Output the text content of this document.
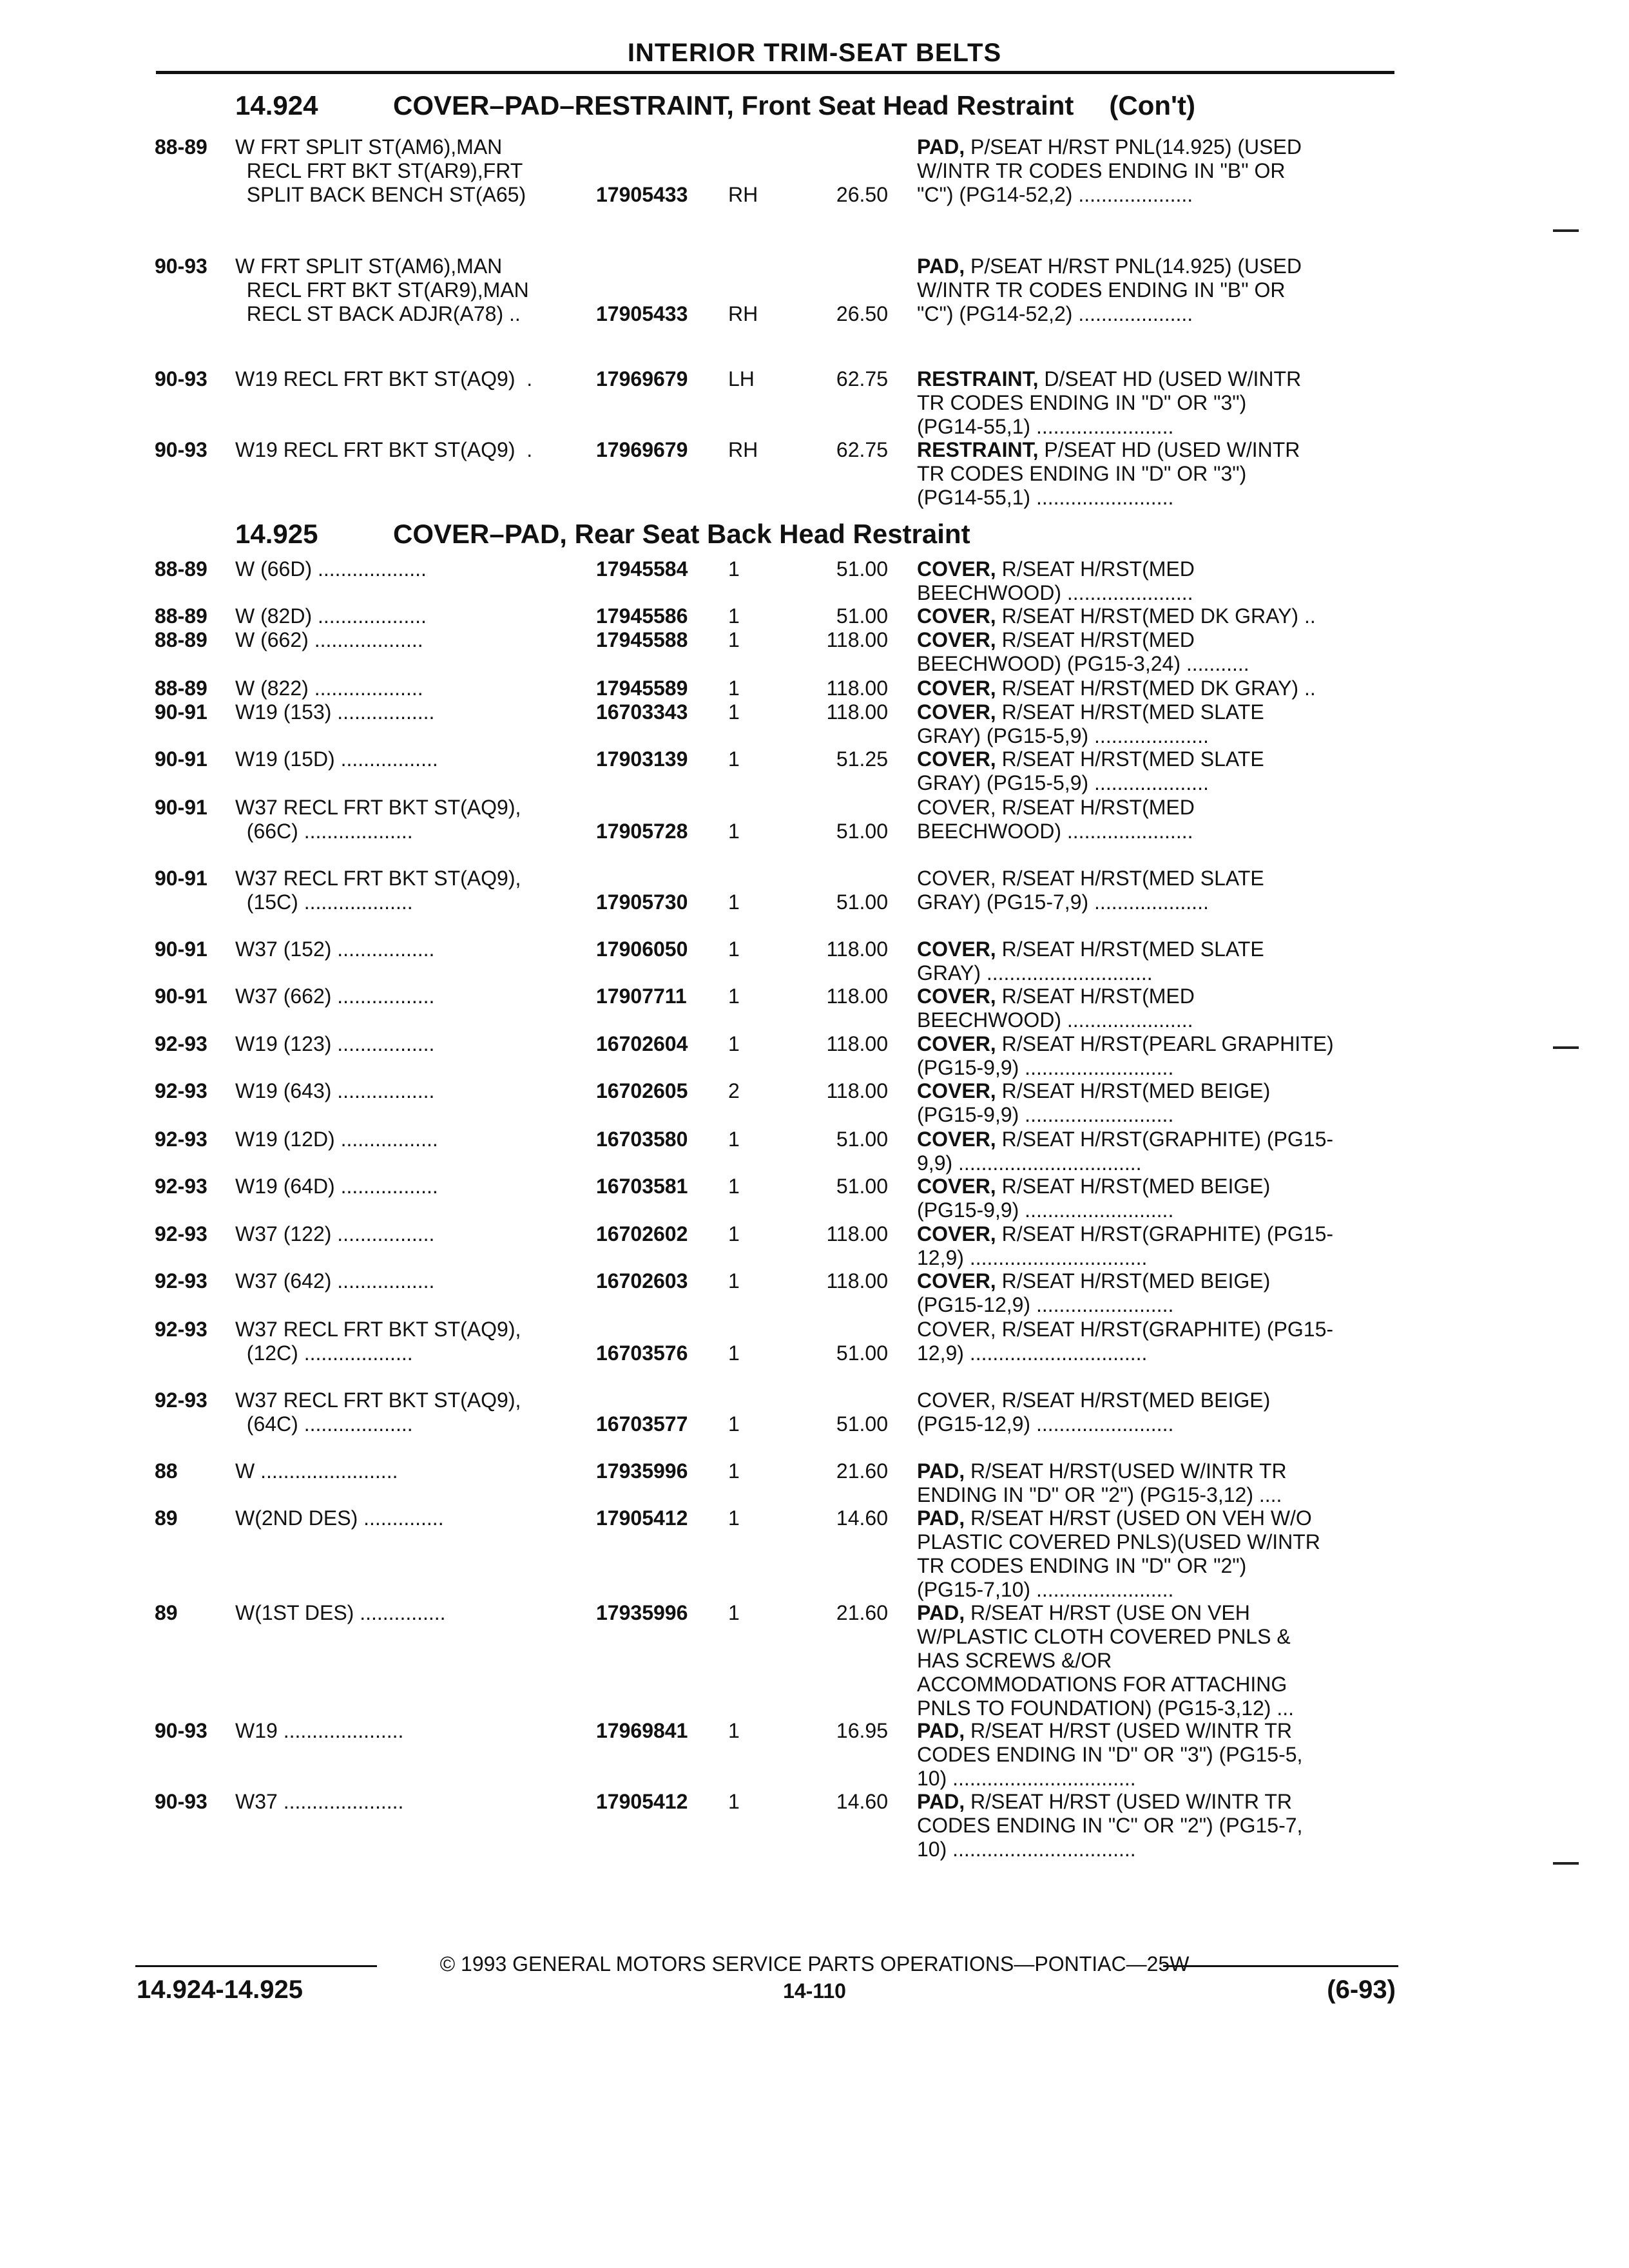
INTERIOR TRIM-SEAT BELTS
14.924	COVER–PAD–RESTRAINT, Front Seat Head Restraint (Con't)
88-89 W FRT SPLIT ST(AM6),MAN
RECL FRT BKT ST(AR9),FRT
SPLIT BACK BENCH ST(A65)	17905433 RH	26.50
PAD, P/SEAT H/RST PNL(14.925) (USED
W/INTR TR CODES ENDING IN "B" OR
"C") (PG14-52,2) ....................
90-93 W FRT SPLIT ST(AM6),MAN
RECL FRT BKT ST(AR9),MAN
RECL ST BACK ADJR(A78) ..	17905433 RH	26.50
PAD, P/SEAT H/RST PNL(14.925) (USED
W/INTR TR CODES ENDING IN "B" OR
"C") (PG14-52,2) ....................
90-93 W19 RECL FRT BKT ST(AQ9)  .	17969679 LH	62.75 RESTRAINT, D/SEAT HD (USED W/INTR
TR CODES ENDING IN "D" OR "3")
(PG14-55,1) ........................
90-93 W19 RECL FRT BKT ST(AQ9)  .	17969679 RH	62.75 RESTRAINT, P/SEAT HD (USED W/INTR
TR CODES ENDING IN "D" OR "3")
(PG14-55,1) ........................
14.925	COVER–PAD, Rear Seat Back Head Restraint
88-89 W (66D) ...................	17945584 1	51.00 COVER, R/SEAT H/RST(MED
BEECHWOOD) ......................
88-89 W (82D) ...................	17945586 1	51.00 COVER, R/SEAT H/RST(MED DK GRAY) ..
88-89 W (662) ...................	17945588 1	118.00 COVER, R/SEAT H/RST(MED
BEECHWOOD) (PG15-3,24) ...........
88-89 W (822) ...................	17945589 1	118.00 COVER, R/SEAT H/RST(MED DK GRAY) ..
90-91 W19 (153) .................	16703343 1	118.00 COVER, R/SEAT H/RST(MED SLATE
GRAY) (PG15-5,9) ....................
90-91 W19 (15D) .................	17903139 1	51.25 COVER, R/SEAT H/RST(MED SLATE
GRAY) (PG15-5,9) ....................
90-91 W37 RECL FRT BKT ST(AQ9),
(66C) ...................	17905728 1	51.00
COVER, R/SEAT H/RST(MED
BEECHWOOD) ......................
90-91 W37 RECL FRT BKT ST(AQ9),
(15C) ...................	17905730 1	51.00
COVER, R/SEAT H/RST(MED SLATE
GRAY) (PG15-7,9) ....................
90-91 W37 (152) .................	17906050 1	118.00 COVER, R/SEAT H/RST(MED SLATE
GRAY) .............................
90-91 W37 (662) .................	17907711 1	118.00 COVER, R/SEAT H/RST(MED
BEECHWOOD) ......................
92-93 W19 (123) .................	16702604 1	118.00 COVER, R/SEAT H/RST(PEARL GRAPHITE)
(PG15-9,9) ..........................
92-93 W19 (643) .................	16702605 2	118.00 COVER, R/SEAT H/RST(MED BEIGE)
(PG15-9,9) ..........................
92-93 W19 (12D) .................	16703580 1	51.00 COVER, R/SEAT H/RST(GRAPHITE) (PG15-
9,9) ................................
92-93 W19 (64D) .................	16703581 1	51.00 COVER, R/SEAT H/RST(MED BEIGE)
(PG15-9,9) ..........................
92-93 W37 (122) .................	16702602 1	118.00 COVER, R/SEAT H/RST(GRAPHITE) (PG15-
12,9) ...............................
92-93 W37 (642) .................	16702603 1	118.00 COVER, R/SEAT H/RST(MED BEIGE)
(PG15-12,9) ........................
92-93 W37 RECL FRT BKT ST(AQ9),
(12C) ...................	16703576 1	51.00
COVER, R/SEAT H/RST(GRAPHITE) (PG15-
12,9) ...............................
92-93 W37 RECL FRT BKT ST(AQ9),
(64C) ...................	16703577 1	51.00
COVER, R/SEAT H/RST(MED BEIGE)
(PG15-12,9) ........................
88	W ........................	17935996 1	21.60 PAD, R/SEAT H/RST(USED W/INTR TR
ENDING IN "D" OR "2") (PG15-3,12) ....
89	W(2ND DES) ..............	17905412 1	14.60 PAD, R/SEAT H/RST (USED ON VEH W/O
PLASTIC COVERED PNLS)(USED W/INTR
TR CODES ENDING IN "D" OR "2")
(PG15-7,10) ........................
89	W(1ST DES) ...............	17935996 1	21.60 PAD, R/SEAT H/RST (USE ON VEH
W/PLASTIC CLOTH COVERED PNLS &
HAS SCREWS &/OR
ACCOMMODATIONS FOR ATTACHING
PNLS TO FOUNDATION) (PG15-3,12) ...
90-93 W19 .....................	17969841 1	16.95 PAD, R/SEAT H/RST (USED W/INTR TR
CODES ENDING IN "D" OR "3") (PG15-5,
10) ................................
90-93 W37 .....................	17905412 1	14.60 PAD, R/SEAT H/RST (USED W/INTR TR
CODES ENDING IN "C" OR "2") (PG15-7,
10) ................................
© 1993 GENERAL MOTORS SERVICE PARTS OPERATIONS—PONTIAC—25W
14.924-14.925	14-110	(6-93)
